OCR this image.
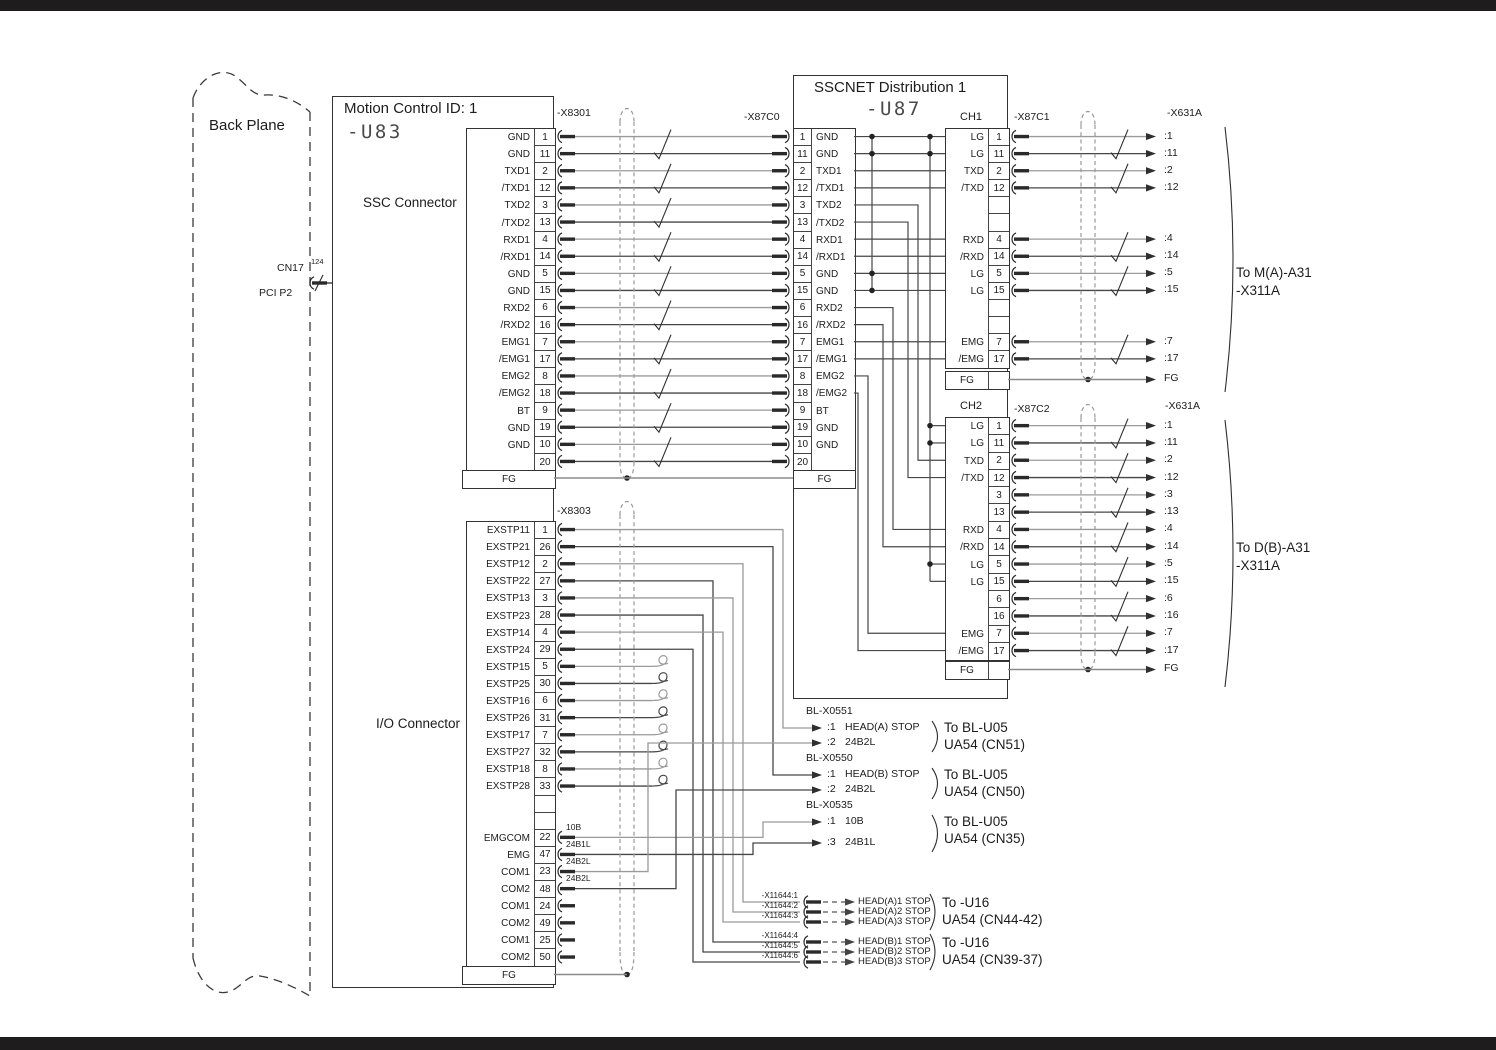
Back Plane
CN17
PCI P2
124
Motion Control ID: 1
-U83
SSC Connector
I/O Connector
SSCNET Distribution 1
-U87	CH1
CH2
-X8301	-X87C0
-X8303
-X87C1	-X631A
-X87C2	-X631A
To M(A)-A31
-X311A
To D(B)-A31
-X311A
GND	1
GND 11
TXD1	2
/TXD1 12
TXD2	3
/TXD2 13
RXD1	4
/RXD1 14
GND	5
GND 15
RXD2	6
/RXD2 16
EMG1	7
/EMG1 17
EMG2	8
/EMG2 18
BT	9
GND 19
GND 10
20
1	GND
11 GND
2	TXD1
12 /TXD1
3	TXD2
13 /TXD2
4	RXD1
14 /RXD1
5	GND
15 GND
6	RXD2
16 /RXD2
7	EMG1
17 /EMG1
8	EMG2
18 /EMG2
9	BT
19 GND
10 GND
20
LG	1
LG 11
TXD	2
/TXD 12
RXD	4
/RXD 14
LG	5
LG 15
EMG	7
/EMG 17
LG	1
LG 11
TXD	2
/TXD 12
3
13
RXD	4
/RXD 14
LG	5
LG 15
6
16
EMG	7
/EMG 17
EXSTP11	1
EXSTP21 26
EXSTP12	2
EXSTP22 27
EXSTP13	3
EXSTP23 28
EXSTP14	4
EXSTP24 29
EXSTP15	5
EXSTP25 30
EXSTP16	6
EXSTP26 31
EXSTP17	7
EXSTP27 32
EXSTP18	8
EXSTP28 33
EMGCOM 22
EMG 47
COM1 23
COM2 48
COM1 24
COM2 49
COM1 25
COM2 50
FG	FG
FG
FG
FG
:1
:11
:2
:12
:4
:14
:5
:15
:7
:17
FG
:1
:11
:2
:12
:3
:13
:4
:14
:5
:15
:6
:16
:7
:17
FG
10B
24B1L
24B2L
24B2L
BL-X0551
:1 HEAD(A) STOP
:2 24B2L
To BL-U05
UA54 (CN51)
BL-X0550
:1 HEAD(B) STOP
:2 24B2L
To BL-U05
UA54 (CN50)
BL-X0535
:1 10B
:3 24B1L
To BL-U05
UA54 (CN35)
-X11644:1
HEAD(A)1 STOP
-X11644:2
HEAD(A)2 STOP
-X11644:3
HEAD(A)3 STOP
To -U16
UA54 (CN44-42)
-X11644:4
HEAD(B)1 STOP
-X11644:5
HEAD(B)2 STOP
-X11644:6
HEAD(B)3 STOP
To -U16
UA54 (CN39-37)
